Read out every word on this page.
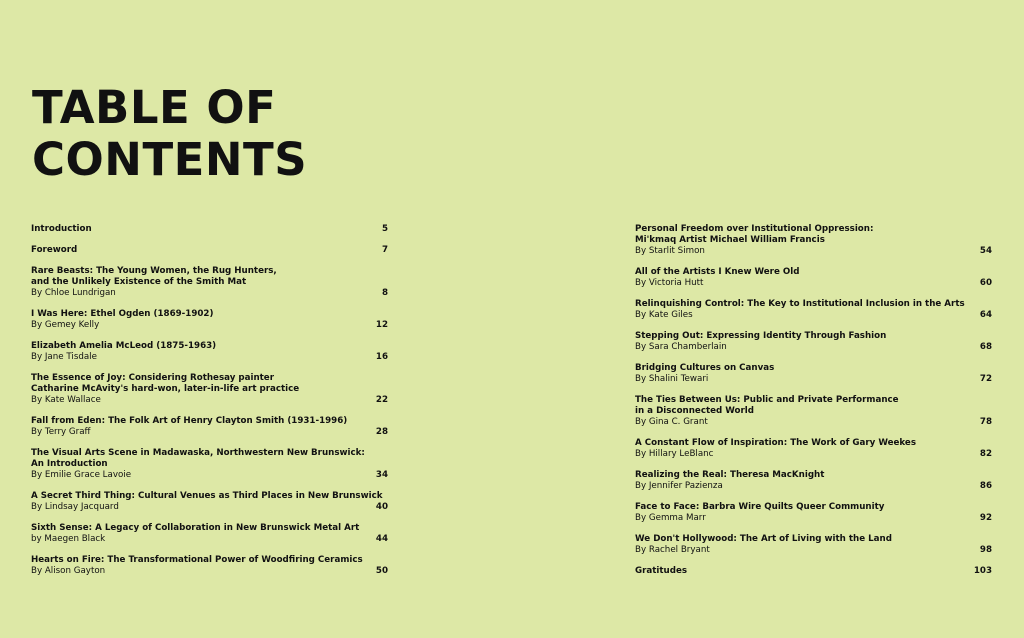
TABLE OF
CONTENTS
Introduction	5
Foreword	7
Rare Beasts: The Young Women, the Rug Hunters,
and the Unlikely Existence of the Smith Mat
By Chloe Lundrigan	8
I Was Here: Ethel Ogden (1869-1902)
By Gemey Kelly	12
Elizabeth Amelia McLeod (1875-1963)
By Jane Tisdale	16
The Essence of Joy: Considering Rothesay painter
Catharine McAvity's hard-won, later-in-life art practice
By Kate Wallace	22
Fall from Eden: The Folk Art of Henry Clayton Smith (1931-1996)
By Terry Graff	28
The Visual Arts Scene in Madawaska, Northwestern New Brunswick:
An Introduction
By Emilie Grace Lavoie	34
A Secret Third Thing: Cultural Venues as Third Places in New Brunswick
By Lindsay Jacquard	40
Sixth Sense: A Legacy of Collaboration in New Brunswick Metal Art
by Maegen Black	44
Hearts on Fire: The Transformational Power of Woodfiring Ceramics
By Alison Gayton	50
Personal Freedom over Institutional Oppression:
Mi'kmaq Artist Michael William Francis
By Starlit Simon	54
All of the Artists I Knew Were Old
By Victoria Hutt	60
Relinquishing Control: The Key to Institutional Inclusion in the Arts
By Kate Giles	64
Stepping Out: Expressing Identity Through Fashion
By Sara Chamberlain	68
Bridging Cultures on Canvas
By Shalini Tewari	72
The Ties Between Us: Public and Private Performance
in a Disconnected World
By Gina C. Grant	78
A Constant Flow of Inspiration: The Work of Gary Weekes
By Hillary LeBlanc	82
Realizing the Real: Theresa MacKnight
By Jennifer Pazienza	86
Face to Face: Barbra Wire Quilts Queer Community
By Gemma Marr	92
We Don't Hollywood: The Art of Living with the Land
By Rachel Bryant	98
Gratitudes	103
